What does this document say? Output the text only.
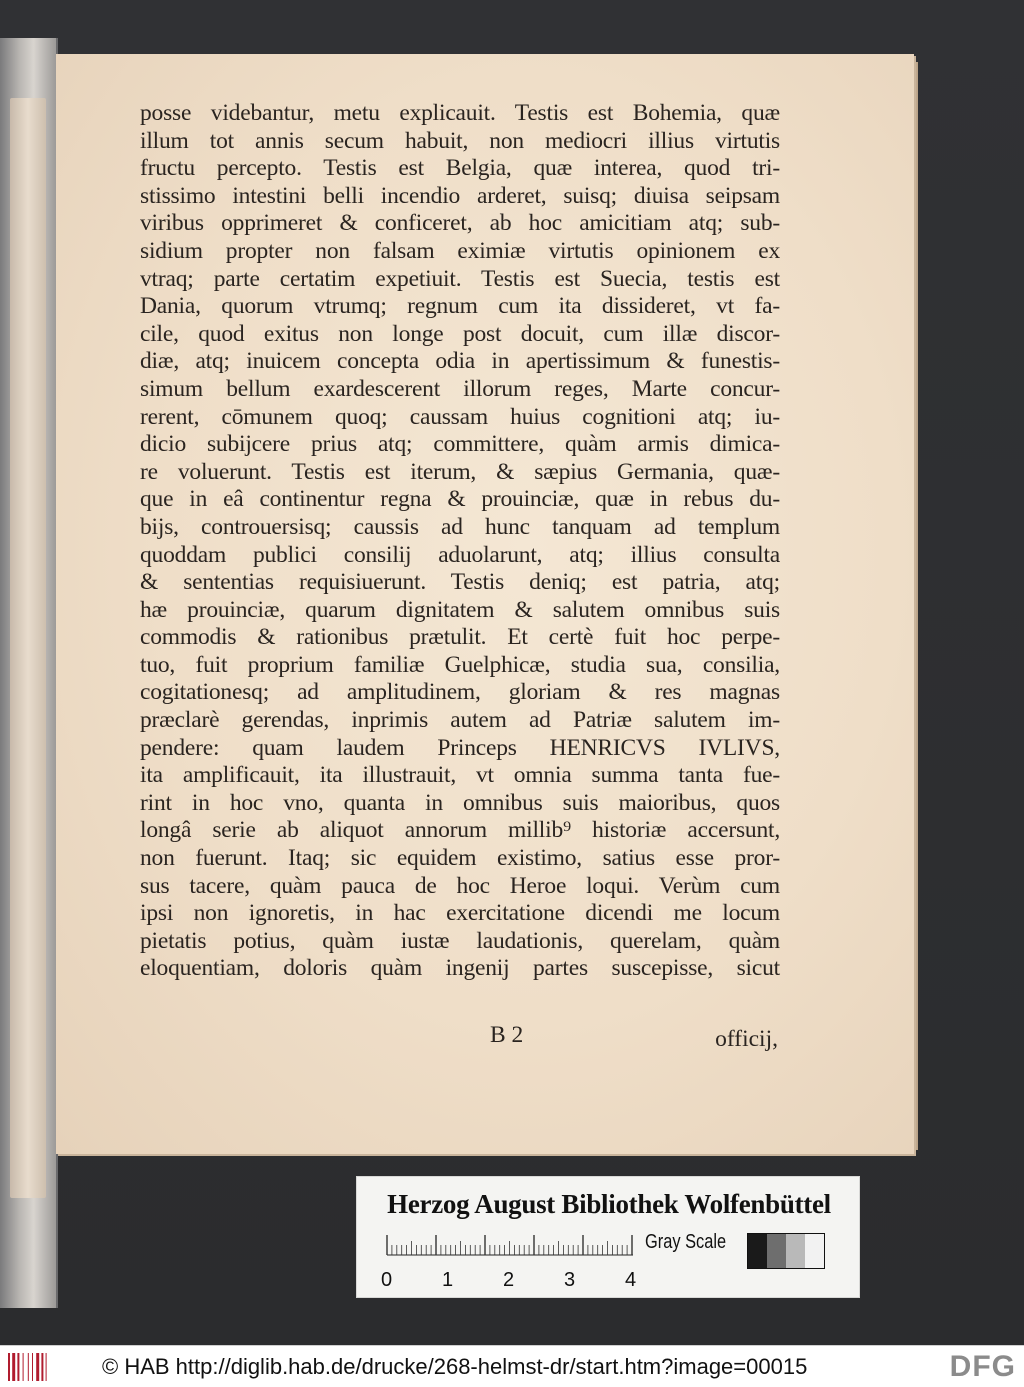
posse videbantur, metu explicauit. Testis est Bohemia, quæ
illum tot annis secum habuit, non mediocri illius virtutis
fructu percepto. Testis est Belgia, quæ interea, quod tri-
stissimo intestini belli incendio arderet, suisq; diuisa seipsam
viribus opprimeret & conficeret, ab hoc amicitiam atq; sub-
sidium propter non falsam eximiæ virtutis opinionem ex
vtraq; parte certatim expetiuit. Testis est Suecia, testis est
Dania, quorum vtrumq; regnum cum ita dissideret, vt fa-
cile, quod exitus non longe post docuit, cum illæ discor-
diæ, atq; inuicem concepta odia in apertissimum & funestis-
simum bellum exardescerent illorum reges, Marte concur-
rerent, cōmunem quoq; caussam huius cognitioni atq; iu-
dicio subijcere prius atq; committere, quàm armis dimica-
re voluerunt. Testis est iterum, & sæpius Germania, quæ-
que in eâ continentur regna & prouinciæ, quæ in rebus du-
bijs, controuersisq; caussis ad hunc tanquam ad templum
quoddam publici consilij aduolarunt, atq; illius consulta
& sententias requisiuerunt. Testis deniq; est patria, atq;
hæ prouinciæ, quarum dignitatem & salutem omnibus suis
commodis & rationibus prætulit. Et certè fuit hoc perpe-
tuo, fuit proprium familiæ Guelphicæ, studia sua, consilia,
cogitationesq; ad amplitudinem, gloriam & res magnas
præclarè gerendas, inprimis autem ad Patriæ salutem im-
pendere: quam laudem Princeps HENRICVS IVLIVS,
ita amplificauit, ita illustrauit, vt omnia summa tanta fue-
rint in hoc vno, quanta in omnibus suis maioribus, quos
longâ serie ab aliquot annorum millib⁹ historiæ accersunt,
non fuerunt. Itaq; sic equidem existimo, satius esse pror-
sus tacere, quàm pauca de hoc Heroe loqui. Verùm cum
ipsi non ignoretis, in hac exercitatione dicendi me locum
pietatis potius, quàm iustæ laudationis, querelam, quàm
eloquentiam, doloris quàm ingenij partes suscepisse, sicut
B 2	officij,
Herzog August Bibliothek Wolfenbüttel
Gray Scale
0 1 2 3 4
© HAB http://diglib.hab.de/drucke/268-helmst-dr/start.htm?image=00015	DFG
